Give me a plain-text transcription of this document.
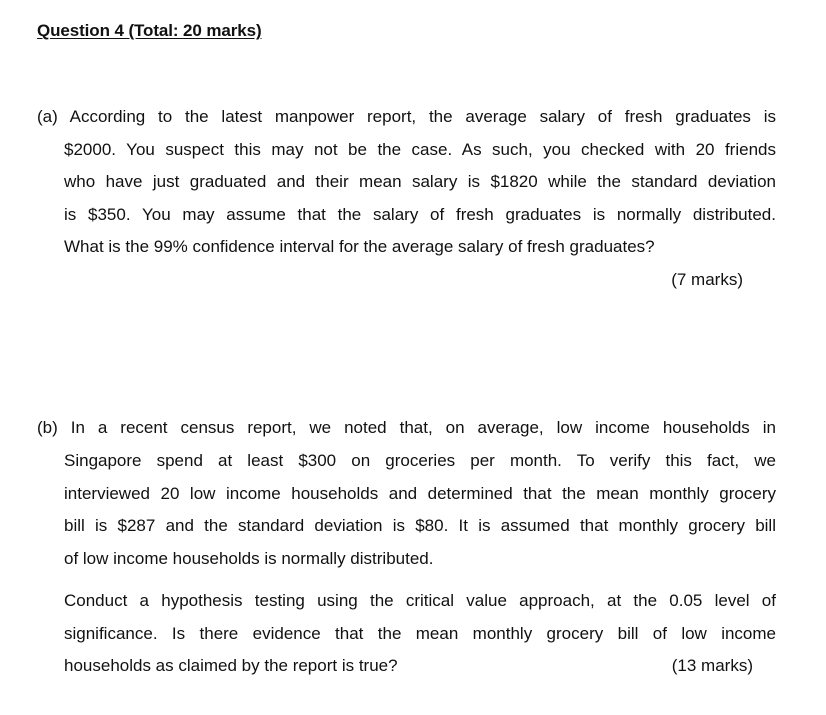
Question 4 (Total: 20 marks)
(a) According to the latest manpower report, the average salary of fresh graduates is
$2000. You suspect this may not be the case. As such, you checked with 20 friends
who have just graduated and their mean salary is $1820 while the standard deviation
is $350. You may assume that the salary of fresh graduates is normally distributed.
What is the 99% confidence interval for the average salary of fresh graduates?
(7 marks)
(b) In a recent census report, we noted that, on average, low income households in
Singapore spend at least $300 on groceries per month. To verify this fact, we
interviewed 20 low income households and determined that the mean monthly grocery
bill is $287 and the standard deviation is $80. It is assumed that monthly grocery bill
of low income households is normally distributed.
Conduct a hypothesis testing using the critical value approach, at the 0.05 level of
significance. Is there evidence that the mean monthly grocery bill of low income
households as claimed by the report is true?	(13 marks)
